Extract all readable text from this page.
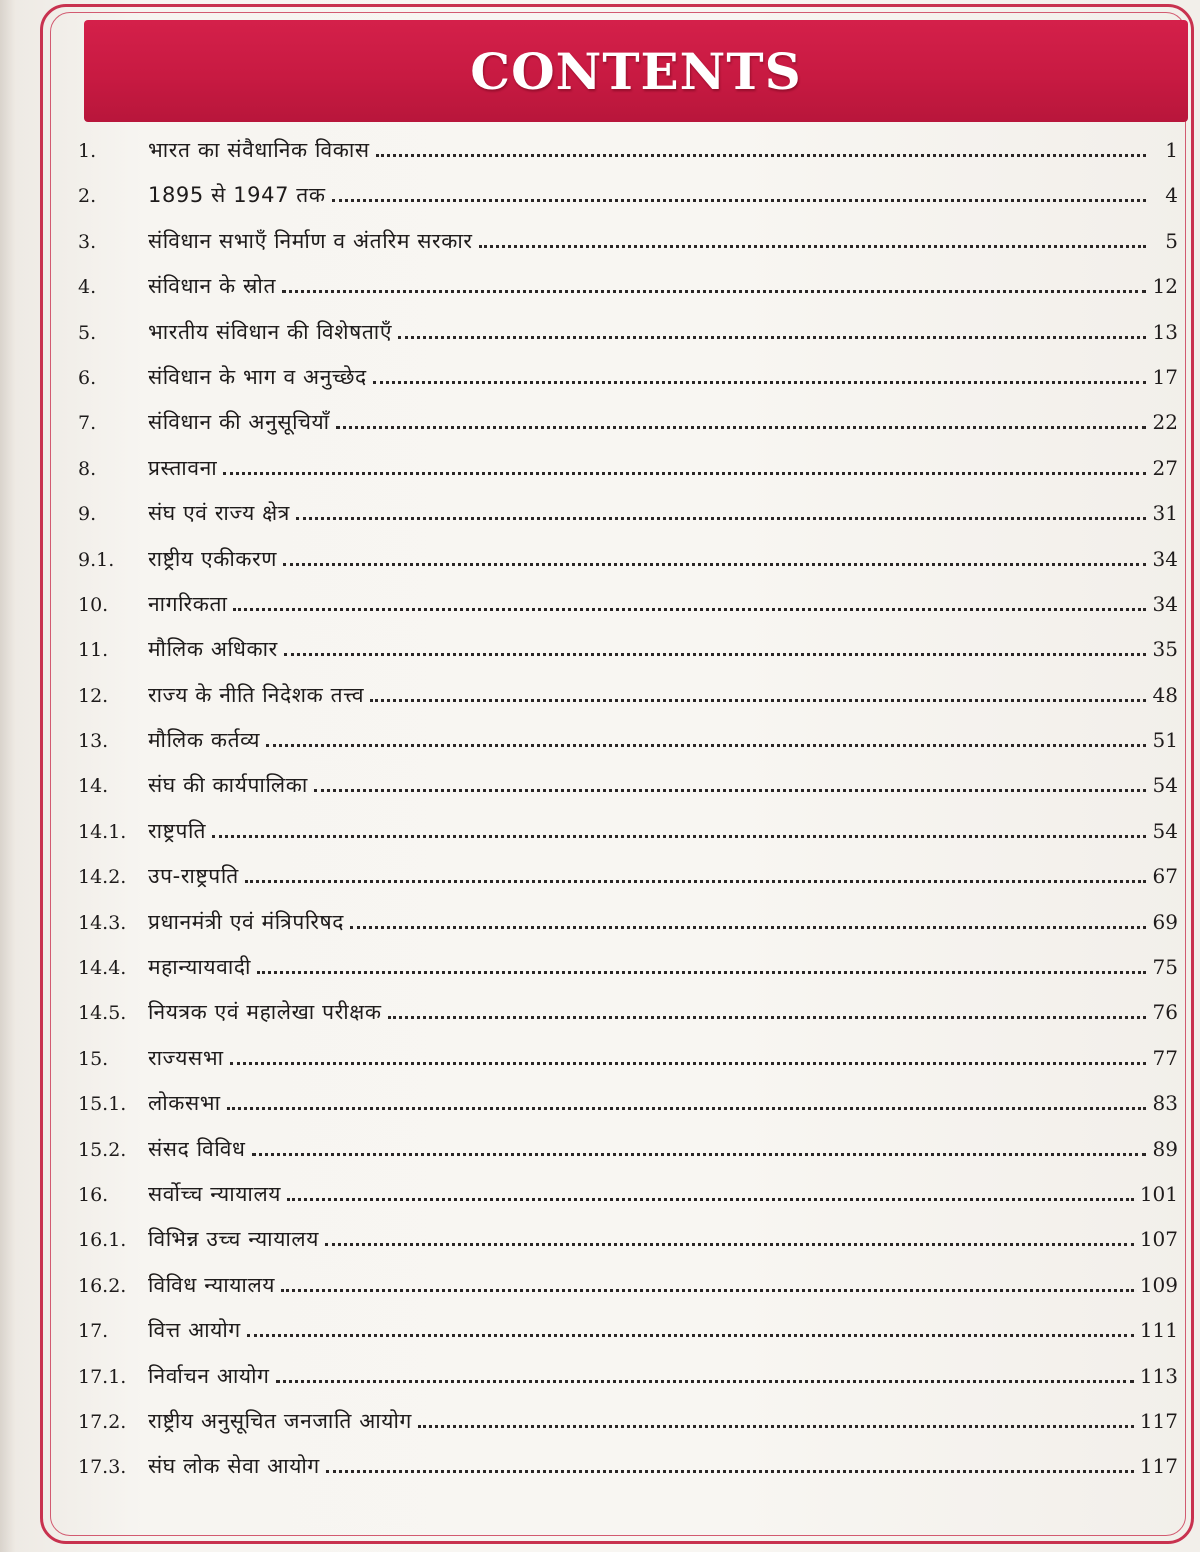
CONTENTS
1.	भारत का संवैधानिक विकास	1
2.	1895 से 1947 तक	4
3.	संविधान सभाएँ निर्माण व अंतरिम सरकार	5
4.	संविधान के स्रोत	12
5.	भारतीय संविधान की विशेषताएँ	13
6.	संविधान के भाग व अनुच्छेद	17
7.	संविधान की अनुसूचियाँ	22
8.	प्रस्तावना	27
9.	संघ एवं राज्य क्षेत्र	31
9.1.	राष्ट्रीय एकीकरण	34
10.	नागरिकता	34
11.	मौलिक अधिकार	35
12.	राज्य के नीति निदेशक तत्त्व	48
13.	मौलिक कर्तव्य	51
14.	संघ की कार्यपालिका	54
14.1.	राष्ट्रपति	54
14.2.	उप-राष्ट्रपति	67
14.3.	प्रधानमंत्री एवं मंत्रिपरिषद	69
14.4.	महान्यायवादी	75
14.5.	नियत्रक एवं महालेखा परीक्षक	76
15.	राज्यसभा	77
15.1.	लोकसभा	83
15.2.	संसद विविध	89
16.	सर्वोच्च न्यायालय	101
16.1.	विभिन्न उच्च न्यायालय	107
16.2.	विविध न्यायालय	109
17.	वित्त आयोग	111
17.1.	निर्वाचन आयोग	113
17.2.	राष्ट्रीय अनुसूचित जनजाति आयोग	117
17.3.	संघ लोक सेवा आयोग	117
